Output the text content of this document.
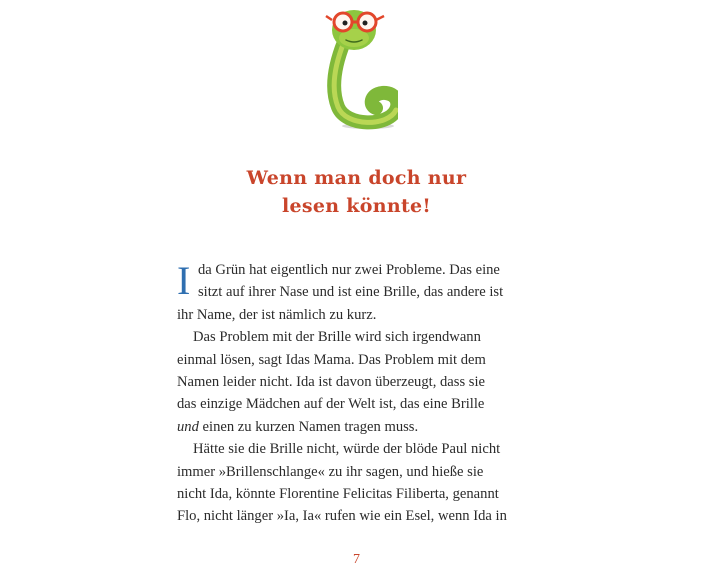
Wenn man doch nur
lesen könnte!
I da Grün hat eigentlich nur zwei Probleme. Das eine
sitzt auf ihrer Nase und ist eine Brille, das andere ist
ihr Name, der ist nämlich zu kurz.
Das Problem mit der Brille wird sich irgendwann
einmal lösen, sagt Idas Mama. Das Problem mit dem
Namen leider nicht. Ida ist davon überzeugt, dass sie
das einzige Mädchen auf der Welt ist, das eine Brille
und einen zu kurzen Namen tragen muss.
Hätte sie die Brille nicht, würde der blöde Paul nicht
immer »Brillenschlange« zu ihr sagen, und hieße sie
nicht Ida, könnte Florentine Felicitas Filiberta, genannt
Flo, nicht länger »Ia, Ia« rufen wie ein Esel, wenn Ida in
7
